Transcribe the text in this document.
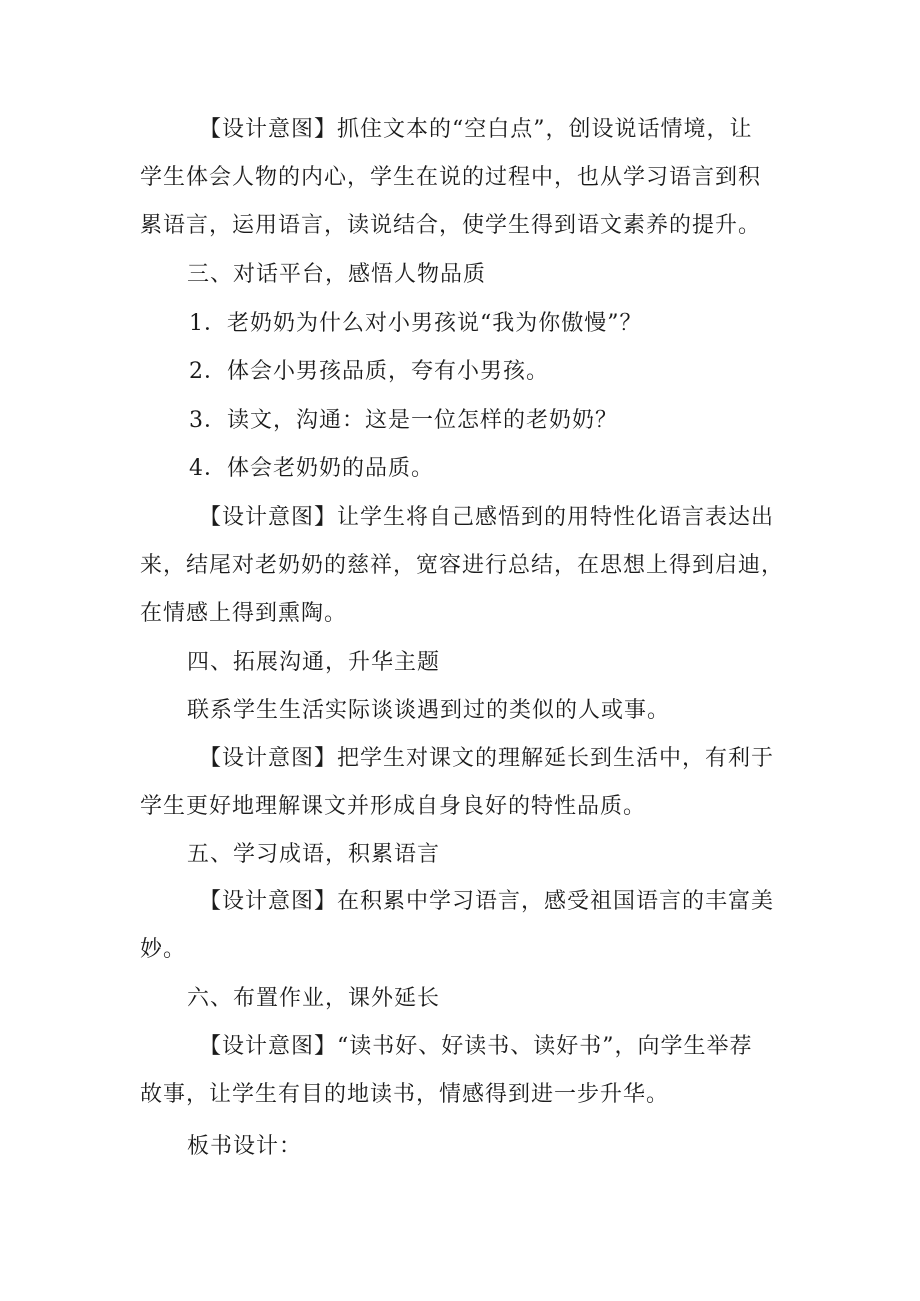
【设计意图】抓住文本的“空白点”，创设说话情境，让
学生体会人物的内心，学生在说的过程中，也从学习语言到积
累语言，运用语言，读说结合，使学生得到语文素养的提升。
三、对话平台，感悟人物品质
1．老奶奶为什么对小男孩说“我为你傲慢”？
2．体会小男孩品质，夸有小男孩。
3．读文，沟通：这是一位怎样的老奶奶？
4．体会老奶奶的品质。
【设计意图】让学生将自己感悟到的用特性化语言表达出
来，结尾对老奶奶的慈祥，宽容进行总结，在思想上得到启迪，
在情感上得到熏陶。
四、拓展沟通，升华主题
联系学生生活实际谈谈遇到过的类似的人或事。
【设计意图】把学生对课文的理解延长到生活中，有利于
学生更好地理解课文并形成自身良好的特性品质。
五、学习成语，积累语言
【设计意图】在积累中学习语言，感受祖国语言的丰富美
妙。
六、布置作业，课外延长
【设计意图】“读书好、好读书、读好书”，向学生举荐
故事，让学生有目的地读书，情感得到进一步升华。
板书设计：
